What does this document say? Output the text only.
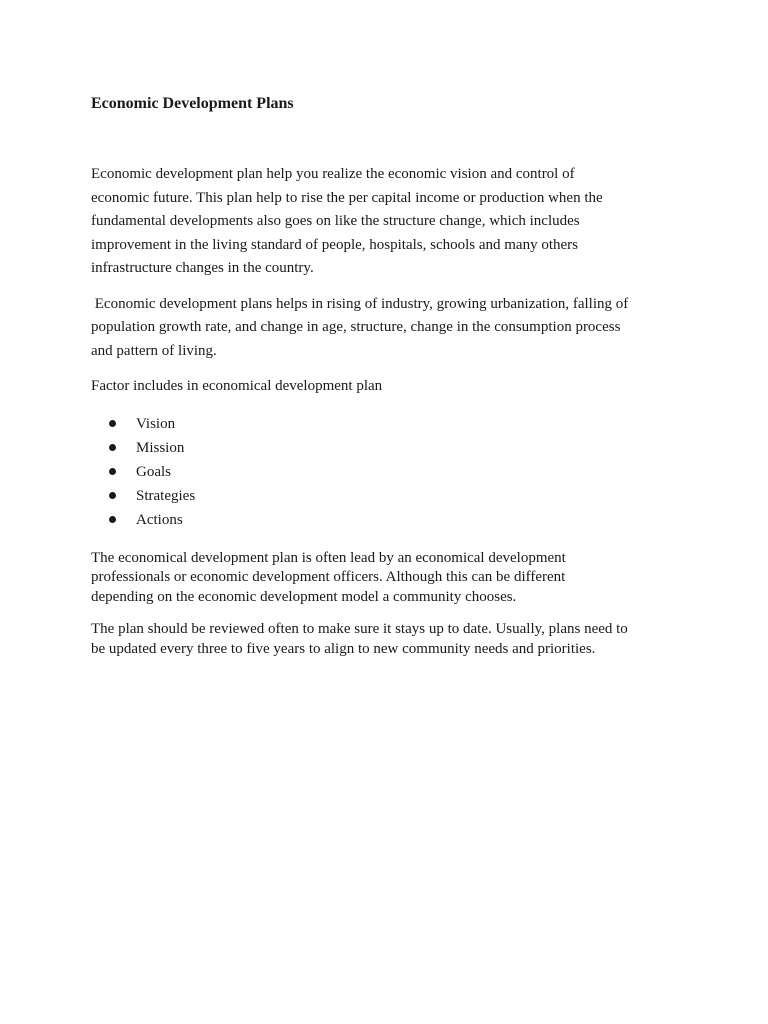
Economic Development Plans

Economic development plan help you realize the economic vision and control of
economic future. This plan help to rise the per capital income or production when the
fundamental developments also goes on like the structure change, which includes
improvement in the living standard of people, hospitals, schools and many others
infrastructure changes in the country.

Economic development plans helps in rising of industry, growing urbanization, falling of
population growth rate, and change in age, structure, change in the consumption process
and pattern of living.

Factor includes in economical development plan

Vision
Mission
Goals
Strategies
Actions

The economical development plan is often lead by an economical development
professionals or economic development officers. Although this can be different
depending on the economic development model a community chooses.

The plan should be reviewed often to make sure it stays up to date. Usually, plans need to
be updated every three to five years to align to new community needs and priorities.
